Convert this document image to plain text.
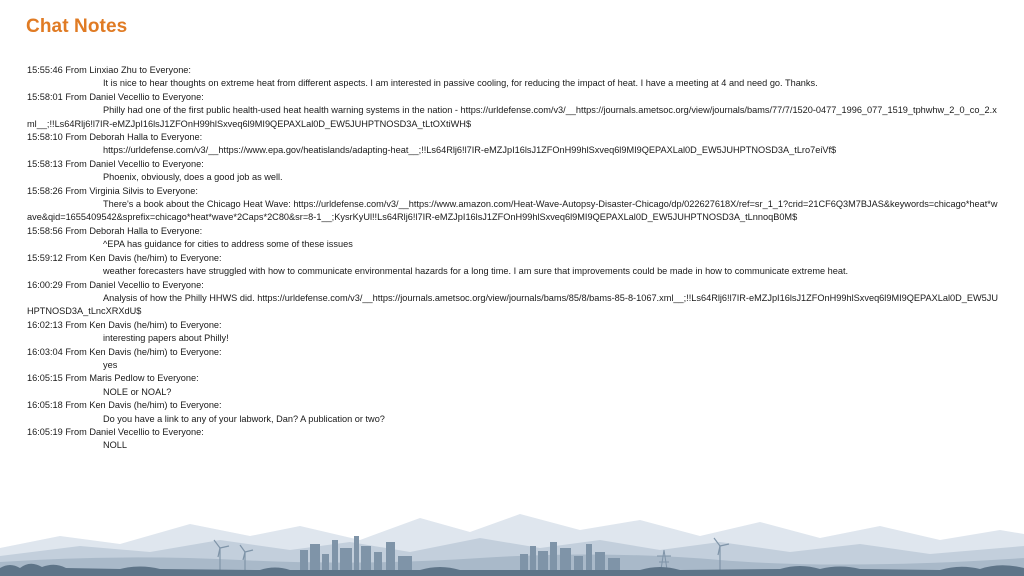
Chat Notes
15:55:46 From Linxiao Zhu to Everyone:
It is nice to hear thoughts on extreme heat from different aspects. I am interested in passive cooling, for reducing the impact of heat. I have a meeting at 4 and need go. Thanks.
15:58:01 From Daniel Vecellio to Everyone:
Philly had one of the first public health-used heat health warning systems in the nation - https://urldefense.com/v3/__https://journals.ametsoc.org/view/journals/bams/77/7/1520-0477_1996_077_1519_tphwhw_2_0_co_2.xml__;!!Ls64Rlj6!l7IR-eMZJpI16lsJ1ZFOnH99hlSxveq6l9MI9QEPAXLal0D_EW5JUHPTNOSD3A_tLtOXtiWH$
15:58:10 From Deborah Halla to Everyone:
https://urldefense.com/v3/__https://www.epa.gov/heatislands/adapting-heat__;!!Ls64Rlj6!l7IR-eMZJpI16lsJ1ZFOnH99hlSxveq6l9MI9QEPAXLal0D_EW5JUHPTNOSD3A_tLro7eiVf$
15:58:13 From Daniel Vecellio to Everyone:
Phoenix, obviously, does a good job as well.
15:58:26 From Virginia Silvis to Everyone:
There's a book about the Chicago Heat Wave: https://urldefense.com/v3/__https://www.amazon.com/Heat-Wave-Autopsy-Disaster-Chicago/dp/022627618X/ref=sr_1_1?crid=21CF6Q3M7BJAS&keywords=chicago*heat*wave&qid=1655409542&sprefix=chicago*heat*wave*2Caps*2C80&sr=8-1__;KysrKyUl!!Ls64Rlj6!l7IR-eMZJpI16lsJ1ZFOnH99hlSxveq6l9MI9QEPAXLal0D_EW5JUHPTNOSD3A_tLnnoqB0M$
15:58:56 From Deborah Halla to Everyone:
^EPA has guidance for cities to address some of these issues
15:59:12 From Ken Davis (he/him) to Everyone:
weather forecasters have struggled with how to communicate environmental hazards for a long time. I am sure that improvements could be made in how to communicate extreme heat.
16:00:29 From Daniel Vecellio to Everyone:
Analysis of how the Philly HHWS did. https://urldefense.com/v3/__https://journals.ametsoc.org/view/journals/bams/85/8/bams-85-8-1067.xml__;!!Ls64Rlj6!l7IR-eMZJpI16lsJ1ZFOnH99hlSxveq6l9MI9QEPAXLal0D_EW5JUHPTNOSD3A_tLncXRXdU$
16:02:13 From Ken Davis (he/him) to Everyone:
interesting papers about Philly!
16:03:04 From Ken Davis (he/him) to Everyone:
yes
16:05:15 From Maris Pedlow to Everyone:
NOLE or NOAL?
16:05:18 From Ken Davis (he/him) to Everyone:
Do you have a link to any of your labwork, Dan? A publication or two?
16:05:19 From Daniel Vecellio to Everyone:
NOLL
